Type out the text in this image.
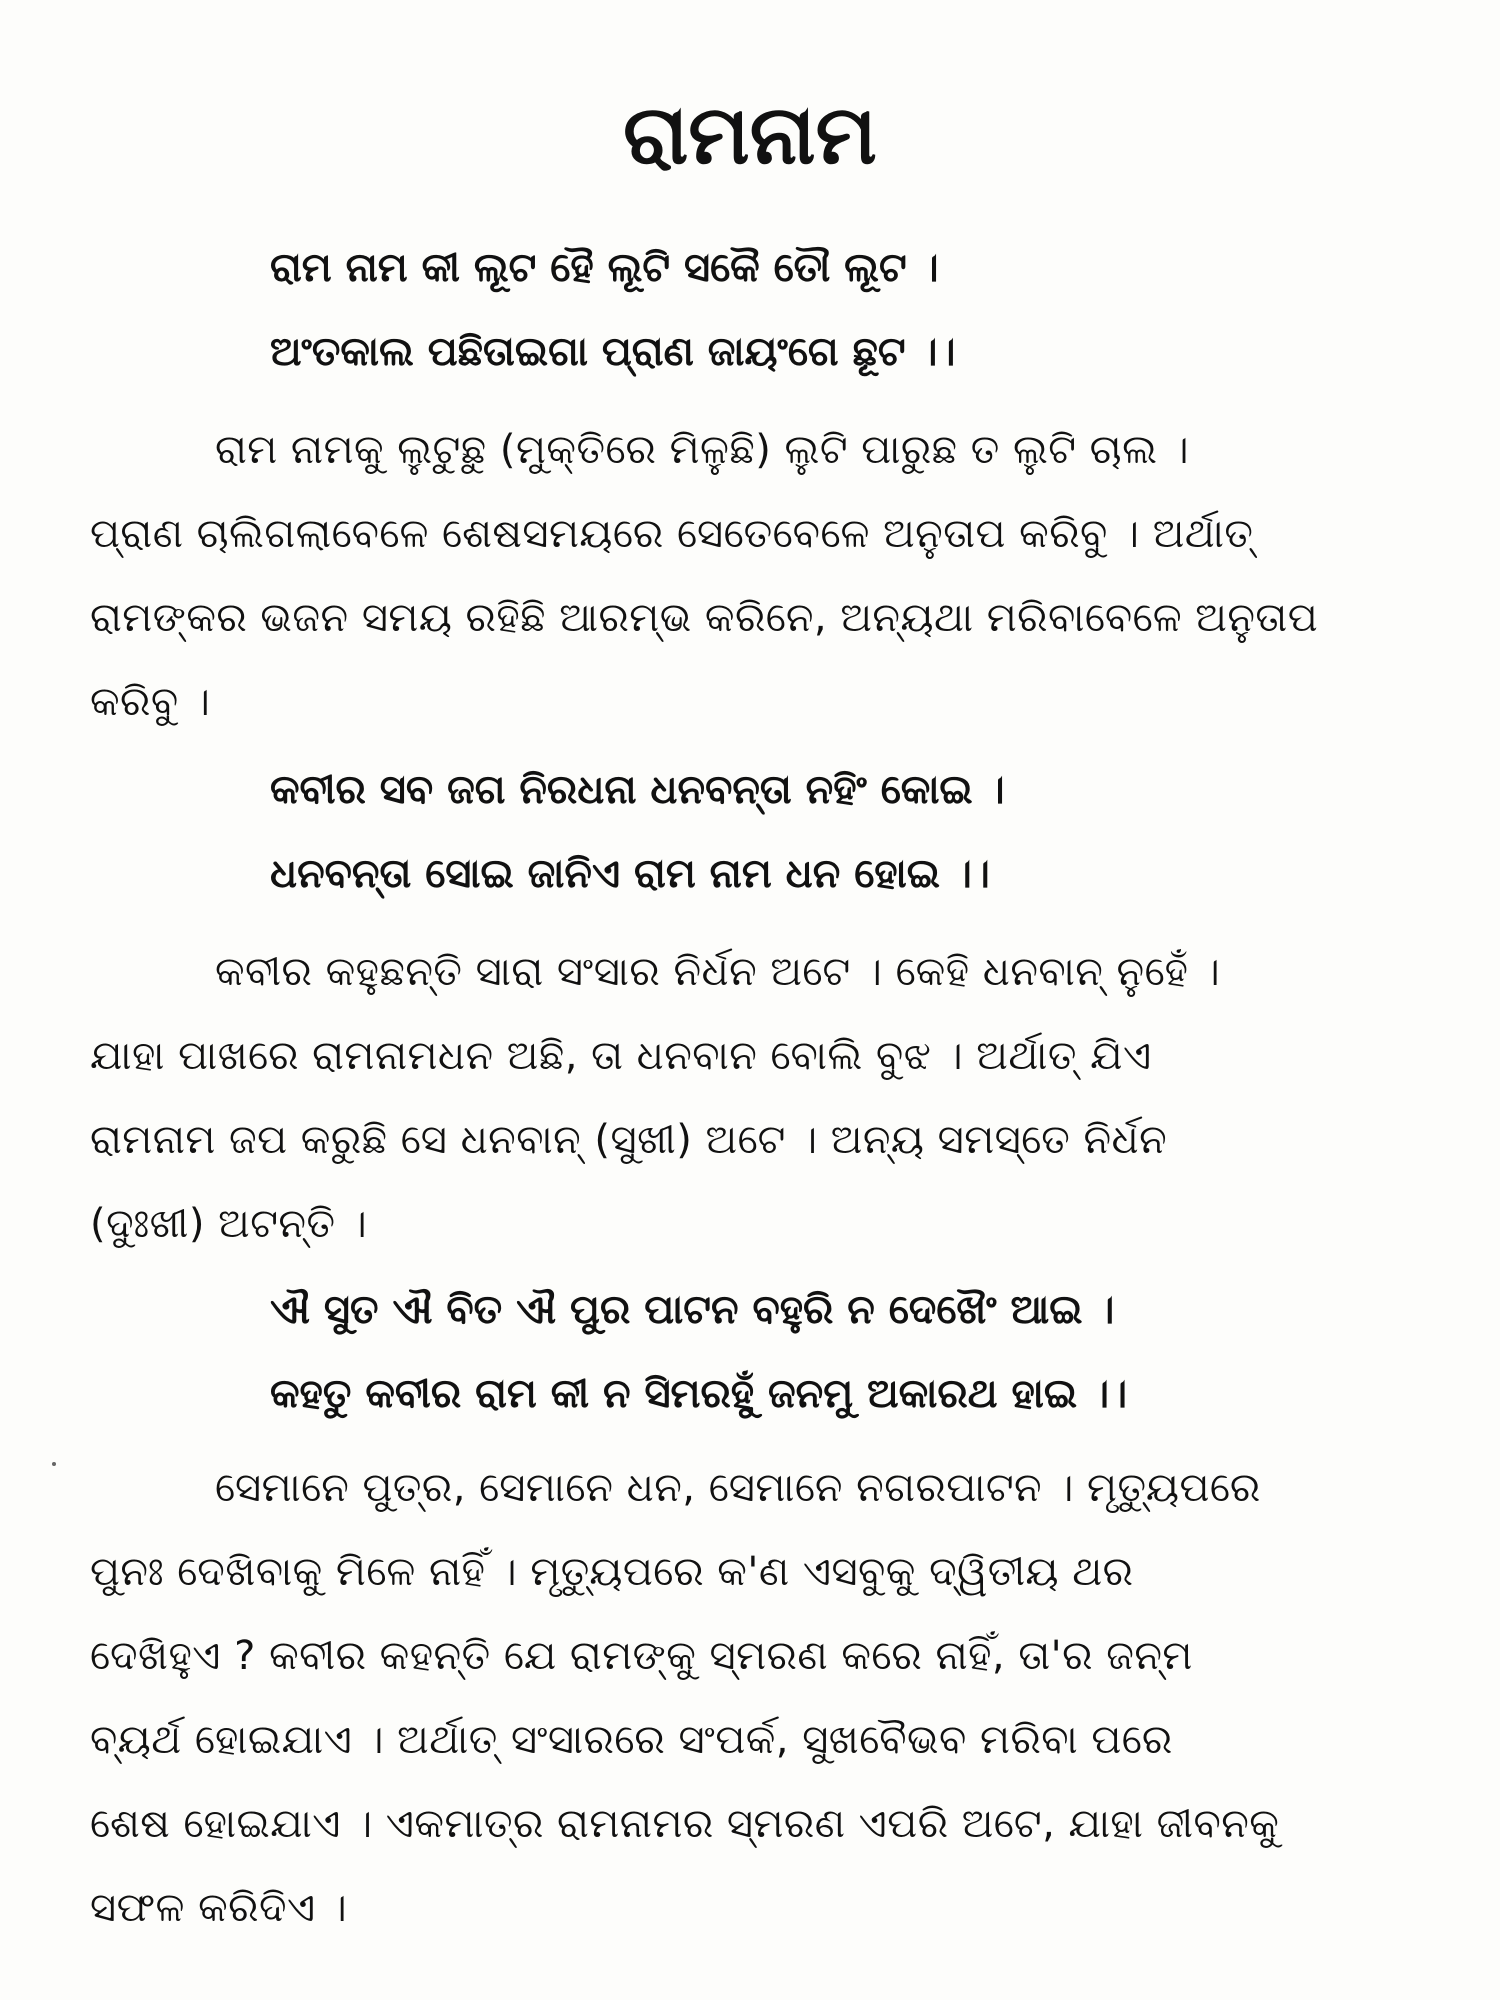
ରାମନାମ
ରାମ ନାମ କୀ ଲୂଟ ହୈ ଲୂଟି ସକୈ ତୌ ଲୂଟ ।
ଅଂତକାଲ ପଛିତାଇଗା ପ୍ରାଣ ଜାୟଂଗେ ଛୂଟ ।।
ରାମ ନାମକୁ ଲୁଟୁଛୁ (ମୁକ୍ତିରେ ମିଳୁଛି) ଲୁଟି ପାରୁଛ ତ ଲୁଟି ଚାଲ ।
ପ୍ରାଣ ଚାଲିଗଲାବେଳେ ଶେଷସମୟରେ ସେତେବେଳେ ଅନୁତାପ କରିବୁ । ଅର୍ଥାତ୍
ରାମଙ୍କର ଭଜନ ସମୟ ରହିଛି ଆରମ୍ଭ କରିନେ, ଅନ୍ୟଥା ମରିବାବେଳେ ଅନୁତାପ
କରିବୁ ।
କବୀର ସବ ଜଗ ନିରଧନା ଧନବନ୍ତା ନହିଂ କୋଇ ।
ଧନବନ୍ତା ସୋଇ ଜାନିଏ ରାମ ନାମ ଧନ ହୋଇ ।।
କବୀର କହୁଛନ୍ତି ସାରା ସଂସାର ନିର୍ଧନ ଅଟେ । କେହି ଧନବାନ୍ ନୁହେଁ ।
ଯାହା ପାଖରେ ରାମନାମଧନ ଅଛି, ତା ଧନବାନ ବୋଲି ବୁଝ । ଅର୍ଥାତ୍ ଯିଏ
ରାମନାମ ଜପ କରୁଛି ସେ ଧନବାନ୍ (ସୁଖୀ) ଅଟେ । ଅନ୍ୟ ସମସ୍ତେ ନିର୍ଧନ
(ଦୁଃଖୀ) ଅଟନ୍ତି ।
ଐ ସୁତ ଐ ବିତ ଐ ପୁର ପାଟନ ବହୁରି ନ ଦେଖୈଂ ଆଇ ।
କହତୁ କବୀର ରାମ କୀ ନ ସିମରହୁଁ ଜନମୁ ଅକାରଥ ହାଇ ।।
ସେମାନେ ପୁତ୍ର, ସେମାନେ ଧନ, ସେମାନେ ନଗରପାଟନ । ମୃତ୍ୟୁପରେ
ପୁନଃ ଦେଖିବାକୁ ମିଳେ ନାହିଁ । ମୃତ୍ୟୁପରେ କ'ଣ ଏସବୁକୁ ଦ୍ୱିତୀୟ ଥର
ଦେଖିହୁଏ ? କବୀର କହନ୍ତି ଯେ ରାମଙ୍କୁ ସ୍ମରଣ କରେ ନାହିଁ, ତା'ର ଜନ୍ମ
ବ୍ୟର୍ଥ ହୋଇଯାଏ । ଅର୍ଥାତ୍ ସଂସାରରେ ସଂପର୍କ, ସୁଖବୈଭବ ମରିବା ପରେ
ଶେଷ ହୋଇଯାଏ । ଏକମାତ୍ର ରାମନାମର ସ୍ମରଣ ଏପରି ଅଟେ, ଯାହା ଜୀବନକୁ
ସଫଳ କରିଦିଏ ।
